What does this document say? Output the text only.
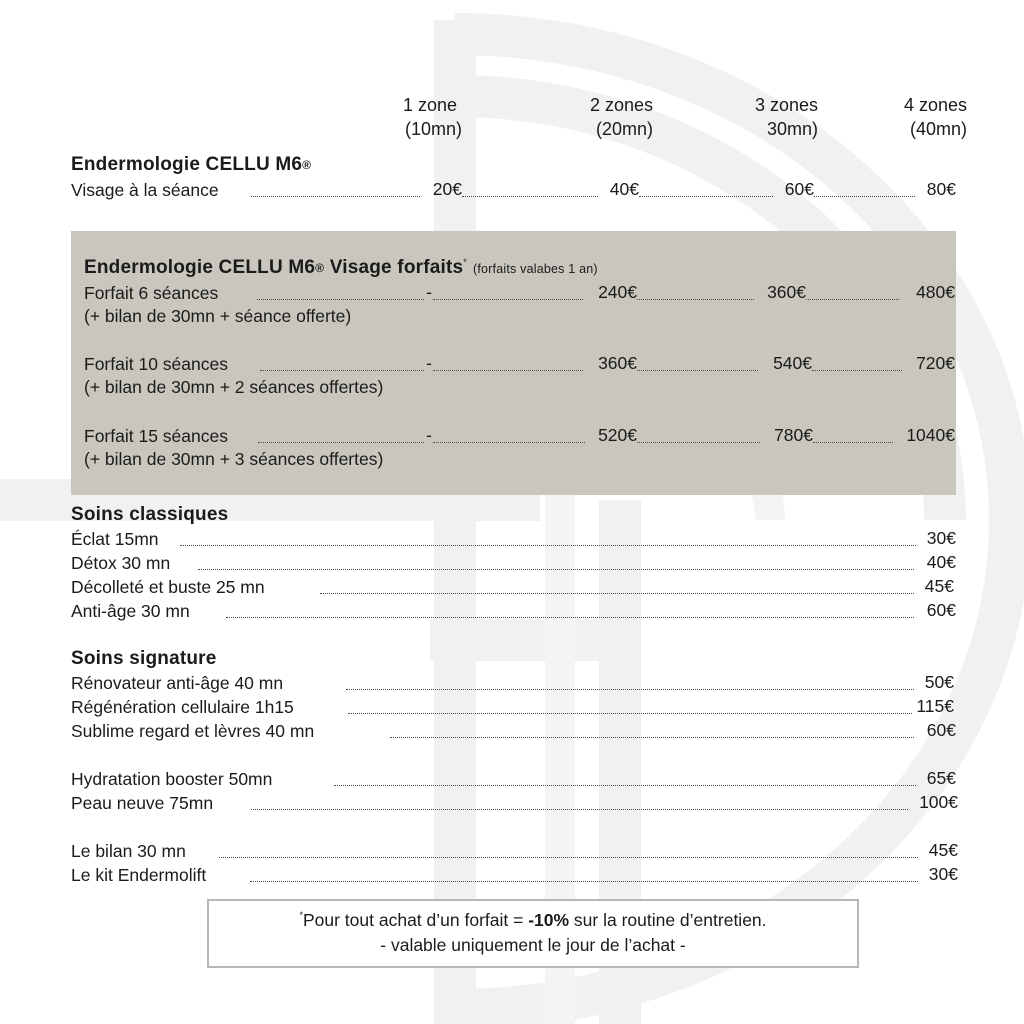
1 zone
(10mn)
2 zones
(20mn)
3 zones
30mn)
4 zones
(40mn)
Endermologie CELLU M6®
Visage à la séance	20€	40€	60€	80€
Endermologie CELLU M6® Visage forfaits* (forfaits valabes 1 an)
Forfait 6 séances	-	240€	360€	480€
(+ bilan de 30mn + séance offerte)
Forfait 10 séances	-	360€	540€	720€
(+ bilan de 30mn + 2 séances offertes)
Forfait 15 séances	-	520€	780€	1040€
(+ bilan de 30mn + 3 séances offertes)
Soins classiques
Éclat 15mn	30€
Détox 30 mn	40€
Décolleté et buste 25 mn	45€
Anti-âge 30 mn	60€
Soins signature
Rénovateur anti-âge 40 mn	50€
Régénération cellulaire 1h15	115€
Sublime regard et lèvres 40 mn	60€
Hydratation booster 50mn	65€
Peau neuve 75mn	100€
Le bilan 30 mn	45€
Le kit Endermolift	30€
*Pour tout achat d’un forfait = -10% sur la routine d’entretien.
- valable uniquement le jour de l’achat -
